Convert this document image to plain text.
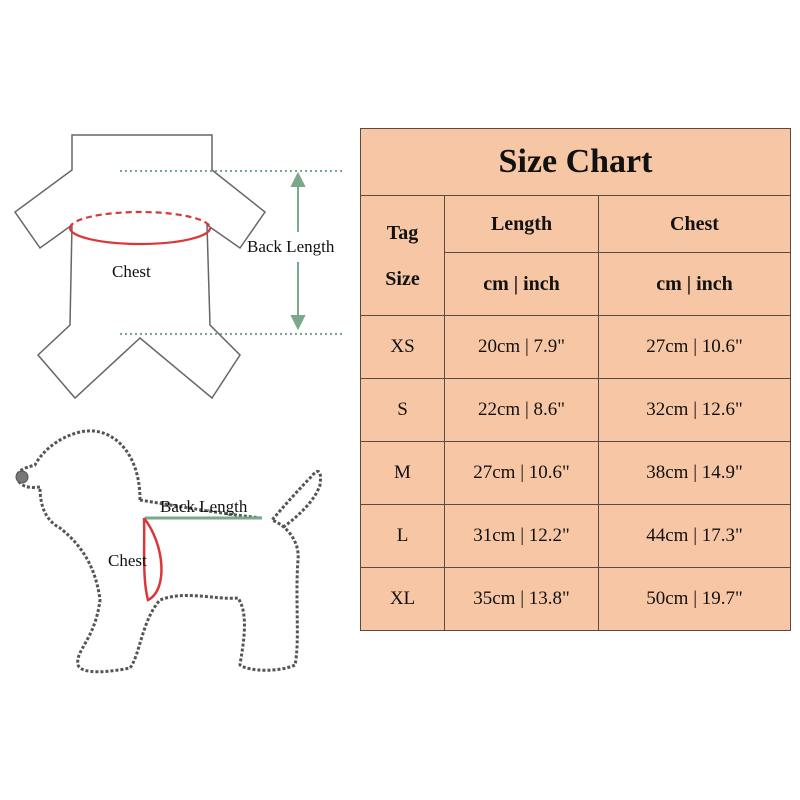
Chest
Back Length
Back Length
Chest
Size Chart		

Tag
Size	Length	Chest
	cm | inch	cm | inch
XS	20cm | 7.9"	27cm | 10.6"
S	22cm | 8.6"	32cm | 12.6"
M	27cm | 10.6"	38cm | 14.9"
L	31cm | 12.2"	44cm | 17.3"
XL	35cm | 13.8"	50cm | 19.7"
